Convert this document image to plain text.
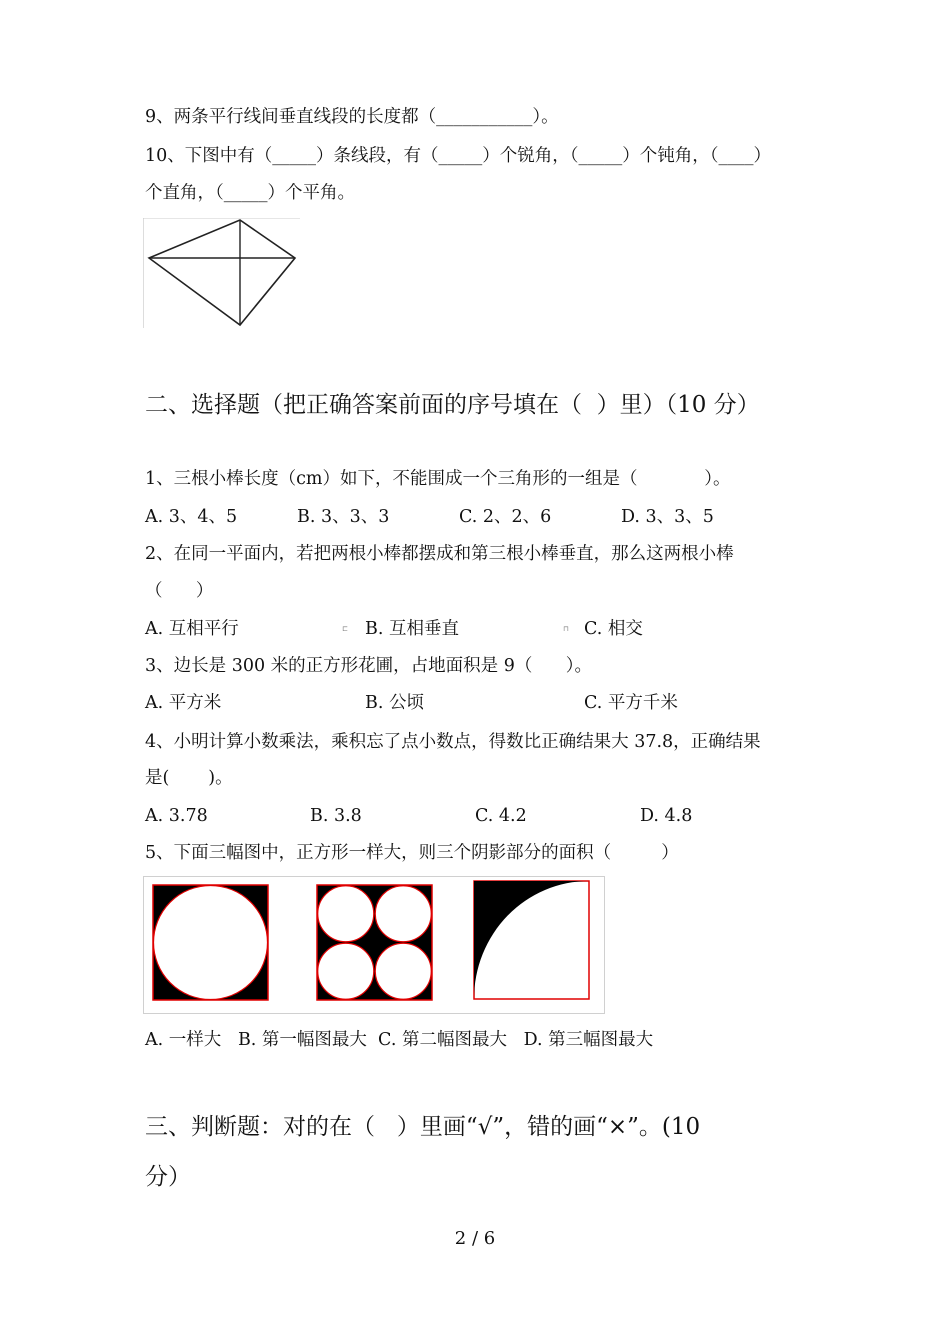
9、两条平行线间垂直线段的长度都（___________）。
10、下图中有（_____）条线段，有（_____）个锐角，（_____）个钝角，（____）
个直角，（_____）个平角。
二、选择题（把正确答案前面的序号填在（  ）里）（10 分）
1、三根小棒长度（cm）如下，不能围成一个三角形的一组是（            ）。
A. 3、4、5	B. 3、3、3	C. 2、2、6	D. 3、3、5
2、在同一平面内，若把两根小棒都摆成和第三根小棒垂直，那么这两根小棒
（      ）
A. 互相平行	⊏ B. 互相垂直	⊓ C. 相交
3、边长是 300 米的正方形花圃，占地面积是 9（      ）。
A. 平方米	B. 公顷	C. 平方千米
4、小明计算小数乘法，乘积忘了点小数点，得数比正确结果大 37.8，正确结果
是(       )。
A. 3.78	B. 3.8	C. 4.2	D. 4.8
5、下面三幅图中，正方形一样大，则三个阴影部分的面积（         ）
A. 一样大   B. 第一幅图最大  C. 第二幅图最大   D. 第三幅图最大
三、判断题：对的在（   ）里画“√”，错的画“×”。(10
分）
2 / 6
